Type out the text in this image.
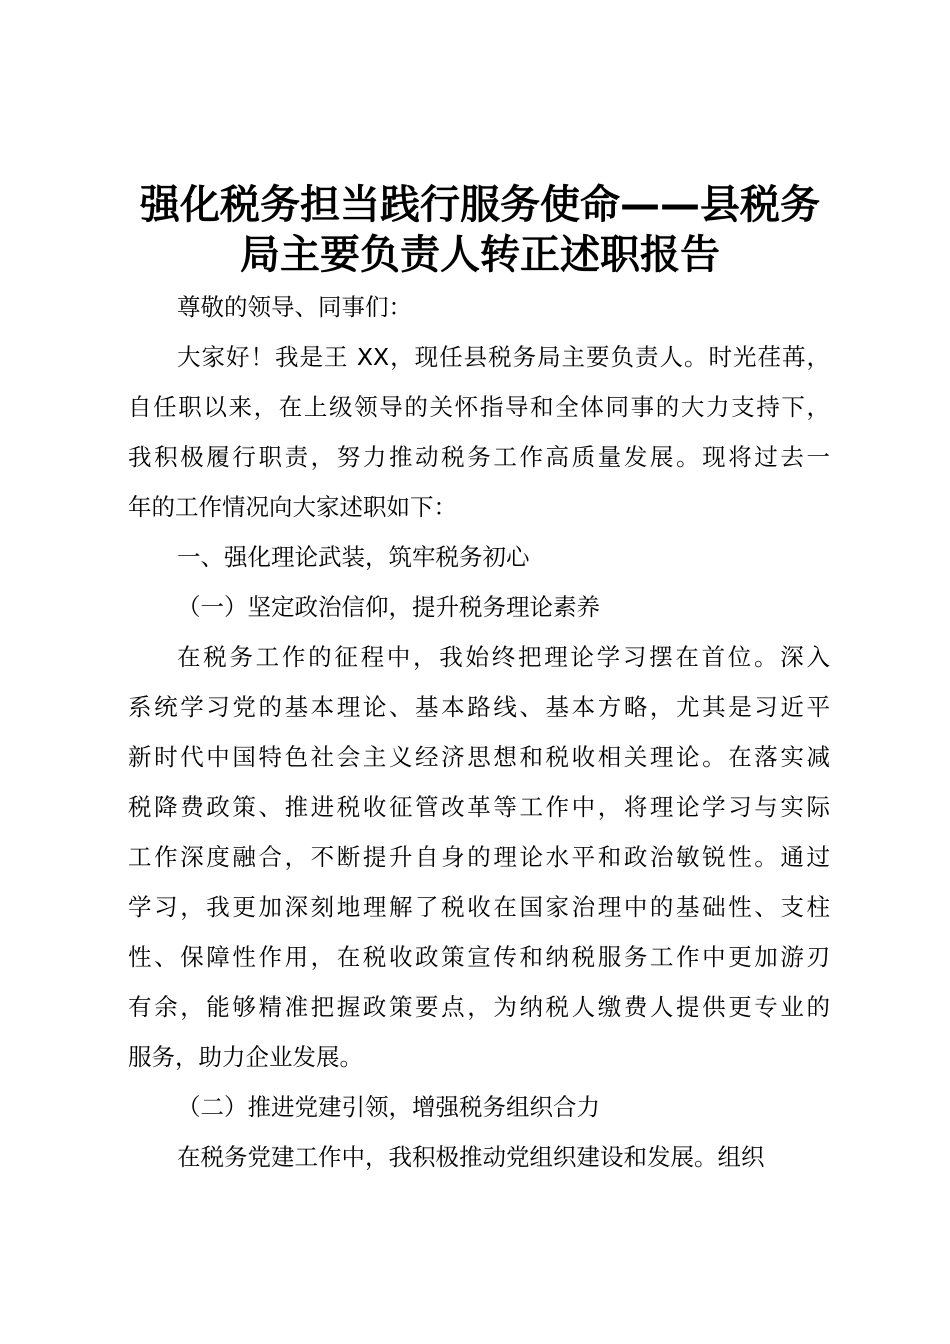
强化税务担当践行服务使命——县税务
局主要负责人转正述职报告
尊敬的领导、同事们：
大家好！我是王 XX，现任县税务局主要负责人。时光荏苒，
自任职以来，在上级领导的关怀指导和全体同事的大力支持下，
我积极履行职责，努力推动税务工作高质量发展。现将过去一
年的工作情况向大家述职如下：
一、强化理论武装，筑牢税务初心
（一）坚定政治信仰，提升税务理论素养
在税务工作的征程中，我始终把理论学习摆在首位。深入
系统学习党的基本理论、基本路线、基本方略，尤其是习近平
新时代中国特色社会主义经济思想和税收相关理论。在落实减
税降费政策、推进税收征管改革等工作中，将理论学习与实际
工作深度融合，不断提升自身的理论水平和政治敏锐性。通过
学习，我更加深刻地理解了税收在国家治理中的基础性、支柱
性、保障性作用，在税收政策宣传和纳税服务工作中更加游刃
有余，能够精准把握政策要点，为纳税人缴费人提供更专业的
服务，助力企业发展。
（二）推进党建引领，增强税务组织合力
在税务党建工作中，我积极推动党组织建设和发展。组织
